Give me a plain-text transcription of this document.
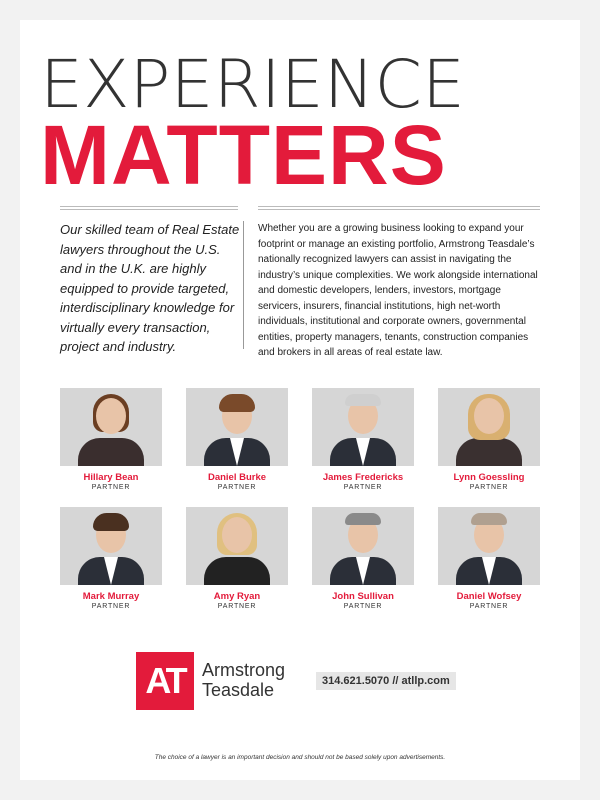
EXPERIENCE
MATTERS
Our skilled team of Real Estate lawyers throughout the U.S. and in the U.K. are highly equipped to provide targeted, interdisciplinary knowledge for virtually every transaction, project and industry.
Whether you are a growing business looking to expand your footprint or manage an existing portfolio, Armstrong Teasdale’s nationally recognized lawyers can assist in navigating the industry’s unique complexities. We work alongside international and domestic developers, lenders, investors, mortgage servicers, insurers, financial institutions, high net-worth individuals, institutional and corporate owners, governmental entities, property managers, tenants, construction companies and brokers in all areas of real estate law.
Hillary Bean
PARTNER
Daniel Burke
PARTNER
James Fredericks
PARTNER
Lynn Goessling
PARTNER
Mark Murray
PARTNER
Amy Ryan
PARTNER
John Sullivan
PARTNER
Daniel Wofsey
PARTNER
AT Armstrong
Teasdale	314.621.5070 // atllp.com
The choice of a lawyer is an important decision and should not be based solely upon advertisements.
